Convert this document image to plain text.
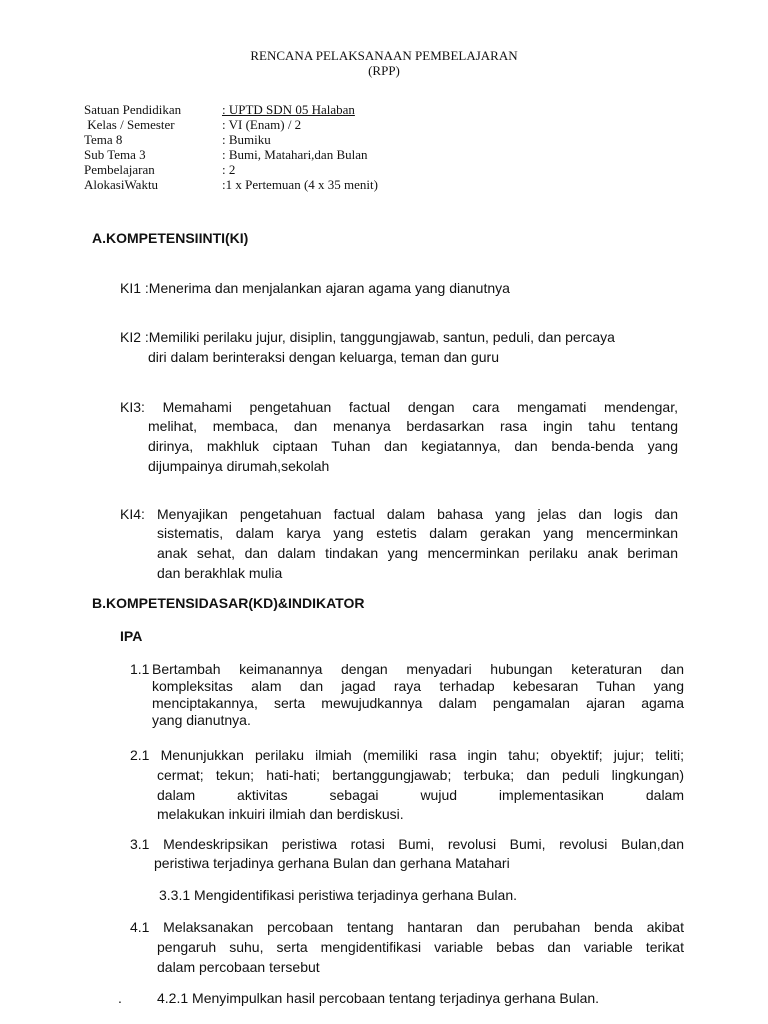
RENCANA PELAKSANAAN PEMBELAJARAN
(RPP)
Satuan Pendidikan	: UPTD SDN 05 Halaban
Kelas / Semester	: VI (Enam) / 2
Tema 8	: Bumiku
Sub Tema 3	: Bumi, Matahari,dan Bulan
Pembelajaran	: 2
AlokasiWaktu	:1 x Pertemuan (4 x 35 menit)
A.KOMPETENSIINTI(KI)
KI1 :Menerima dan menjalankan ajaran agama yang dianutnya
KI2 :Memiliki perilaku jujur, disiplin, tanggungjawab, santun, peduli, dan percaya
diri dalam berinteraksi dengan keluarga, teman dan guru
KI3: Memahami pengetahuan factual dengan cara mengamati mendengar,
melihat, membaca, dan menanya berdasarkan rasa ingin tahu tentang
dirinya, makhluk ciptaan Tuhan dan kegiatannya, dan benda-benda yang
dijumpainya dirumah,sekolah
KI4: Menyajikan pengetahuan factual dalam bahasa yang jelas dan logis dan
sistematis, dalam karya yang estetis dalam gerakan yang mencerminkan
anak sehat, dan dalam tindakan yang mencerminkan perilaku anak beriman
dan berakhlak mulia
B.KOMPETENSIDASAR(KD)&INDIKATOR
IPA
1.1 Bertambah keimanannya dengan menyadari hubungan keteraturan dan
kompleksitas alam dan jagad raya terhadap kebesaran Tuhan yang
menciptakannya, serta mewujudkannya dalam pengamalan ajaran agama
yang dianutnya.
2.1 Menunjukkan perilaku ilmiah (memiliki rasa ingin tahu; obyektif; jujur; teliti;
cermat; tekun; hati-hati; bertanggungjawab; terbuka; dan peduli lingkungan)
dalam aktivitas sebagai wujud implementasikan dalam
melakukan inkuiri ilmiah dan berdiskusi.
3.1 Mendeskripsikan peristiwa rotasi Bumi, revolusi Bumi, revolusi Bulan,dan
peristiwa terjadinya gerhana Bulan dan gerhana Matahari
3.3.1 Mengidentifikasi peristiwa terjadinya gerhana Bulan.
4.1 Melaksanakan percobaan tentang hantaran dan perubahan benda akibat
pengaruh suhu, serta mengidentifikasi variable bebas dan variable terikat
dalam percobaan tersebut
.	4.2.1 Menyimpulkan hasil percobaan tentang terjadinya gerhana Bulan.
